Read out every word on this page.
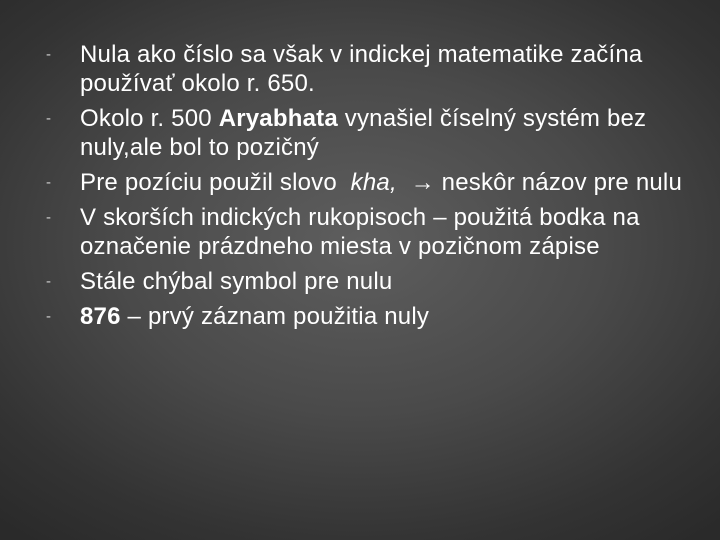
- Nula ako číslo sa však v indickej matematike začína používať okolo r. 650.
- Okolo r. 500 Aryabhata vynašiel číselný systém bez nuly,ale bol to pozičný
- Pre pozíciu použil slovo  kha,  → neskôr názov pre nulu
- V skorších indických rukopisoch – použitá bodka na označenie prázdneho miesta v pozičnom zápise
- Stále chýbal symbol pre nulu
- 876 – prvý záznam použitia nuly
